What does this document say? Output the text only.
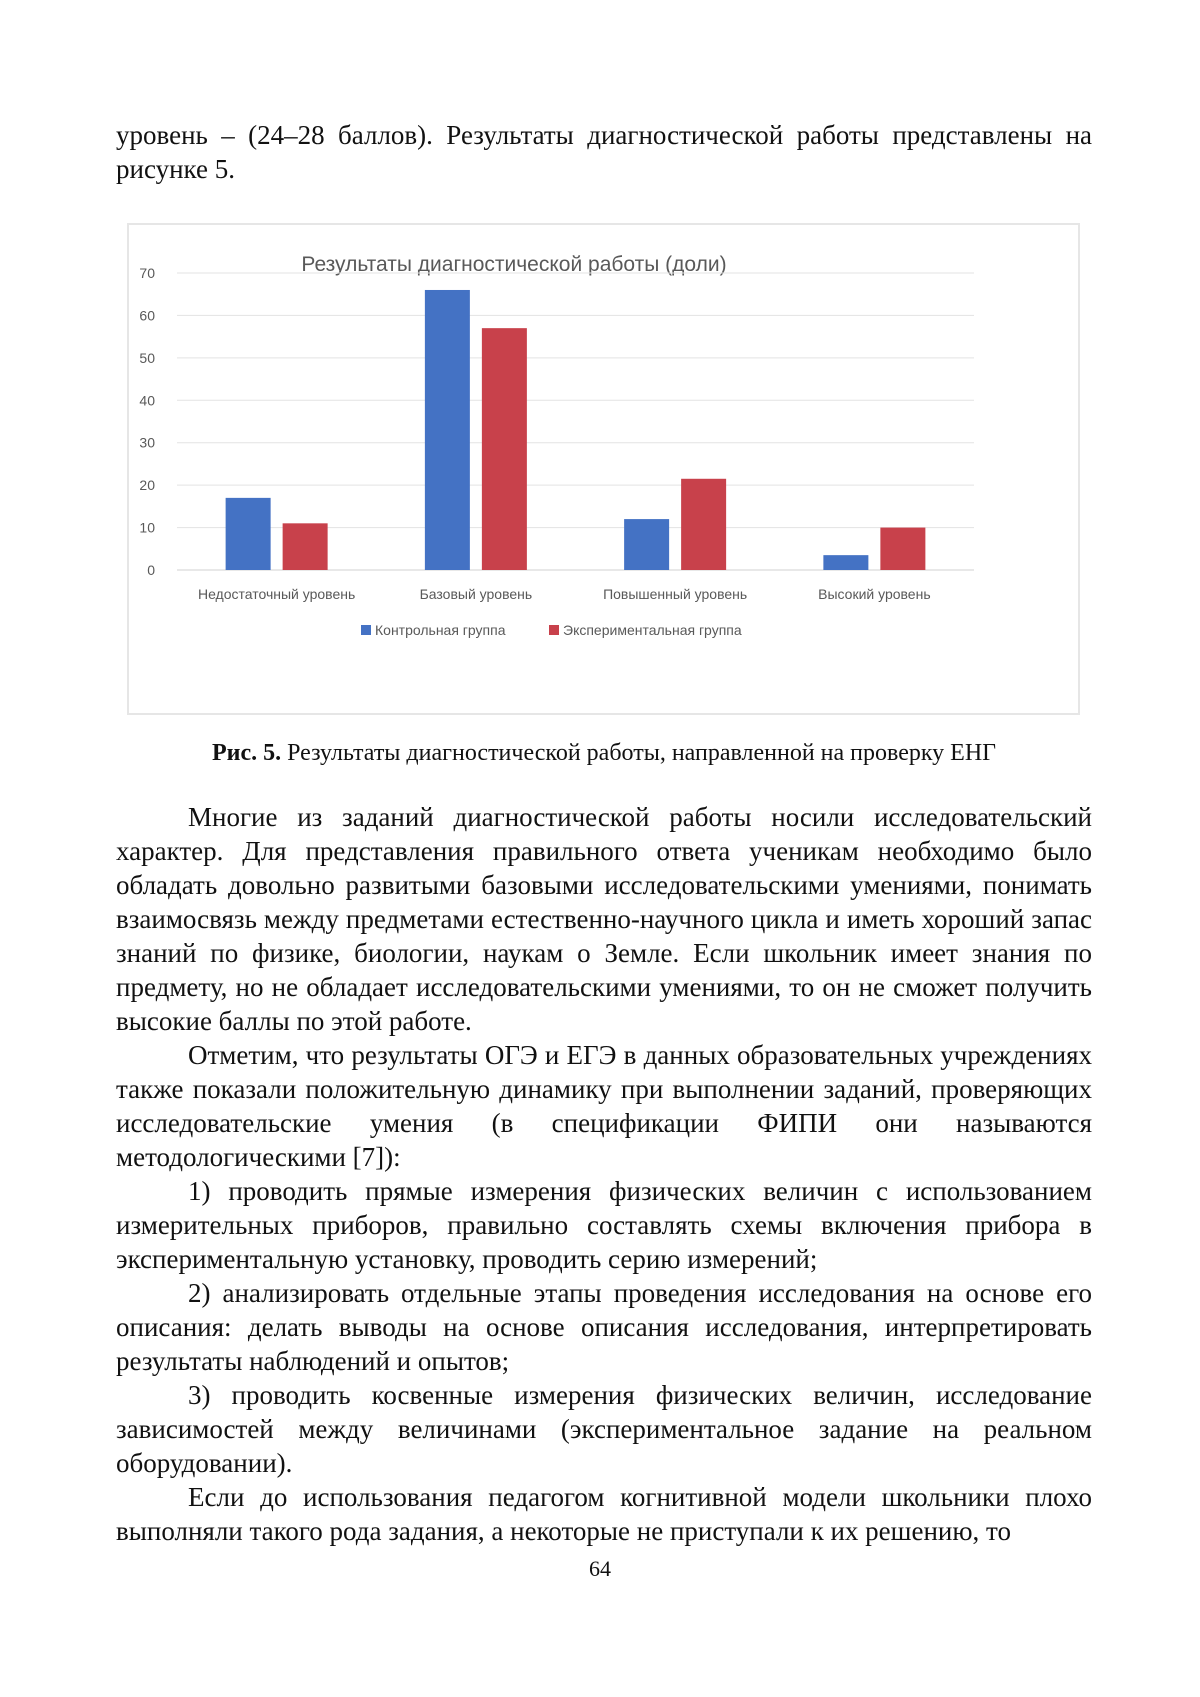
уровень – (24–28 баллов). Результаты диагностической работы представлены на

рисунке 5.

Результаты диагностической работы (доли)
0
10
20
30
40
50
60
70
Недостаточный уровень	Базовый уровень	Повышенный уровень	Высокий уровень
Контрольная группа	Экспериментальная группа
Рис. 5. Результаты диагностической работы, направленной на проверку ЕНГ

Многие из заданий диагностической работы носили исследовательский характер. Для представления правильного ответа ученикам необходимо было обладать довольно развитыми базовыми исследовательскими умениями, понимать взаимосвязь между предметами естественно-научного цикла и иметь хороший запас знаний по физике, биологии, наукам о Земле. Если школьник имеет знания по предмету, но не обладает исследовательскими умениями, то он не сможет получить высокие баллы по этой работе.

Отметим, что результаты ОГЭ и ЕГЭ в данных образовательных учреждениях также показали положительную динамику при выполнении заданий, проверяющих исследовательские умения (в спецификации ФИПИ они называются методологическими [7]):

1) проводить прямые измерения физических величин с использованием измерительных приборов, правильно составлять схемы включения прибора в экспериментальную установку, проводить серию измерений;

2) анализировать отдельные этапы проведения исследования на основе его описания: делать выводы на основе описания исследования, интерпретировать результаты наблюдений и опытов;

3) проводить косвенные измерения физических величин, исследование зависимостей между величинами (экспериментальное задание на реальном оборудовании).

Если до использования педагогом когнитивной модели школьники плохо выполняли такого рода задания, а некоторые не приступали к их решению, то

64
